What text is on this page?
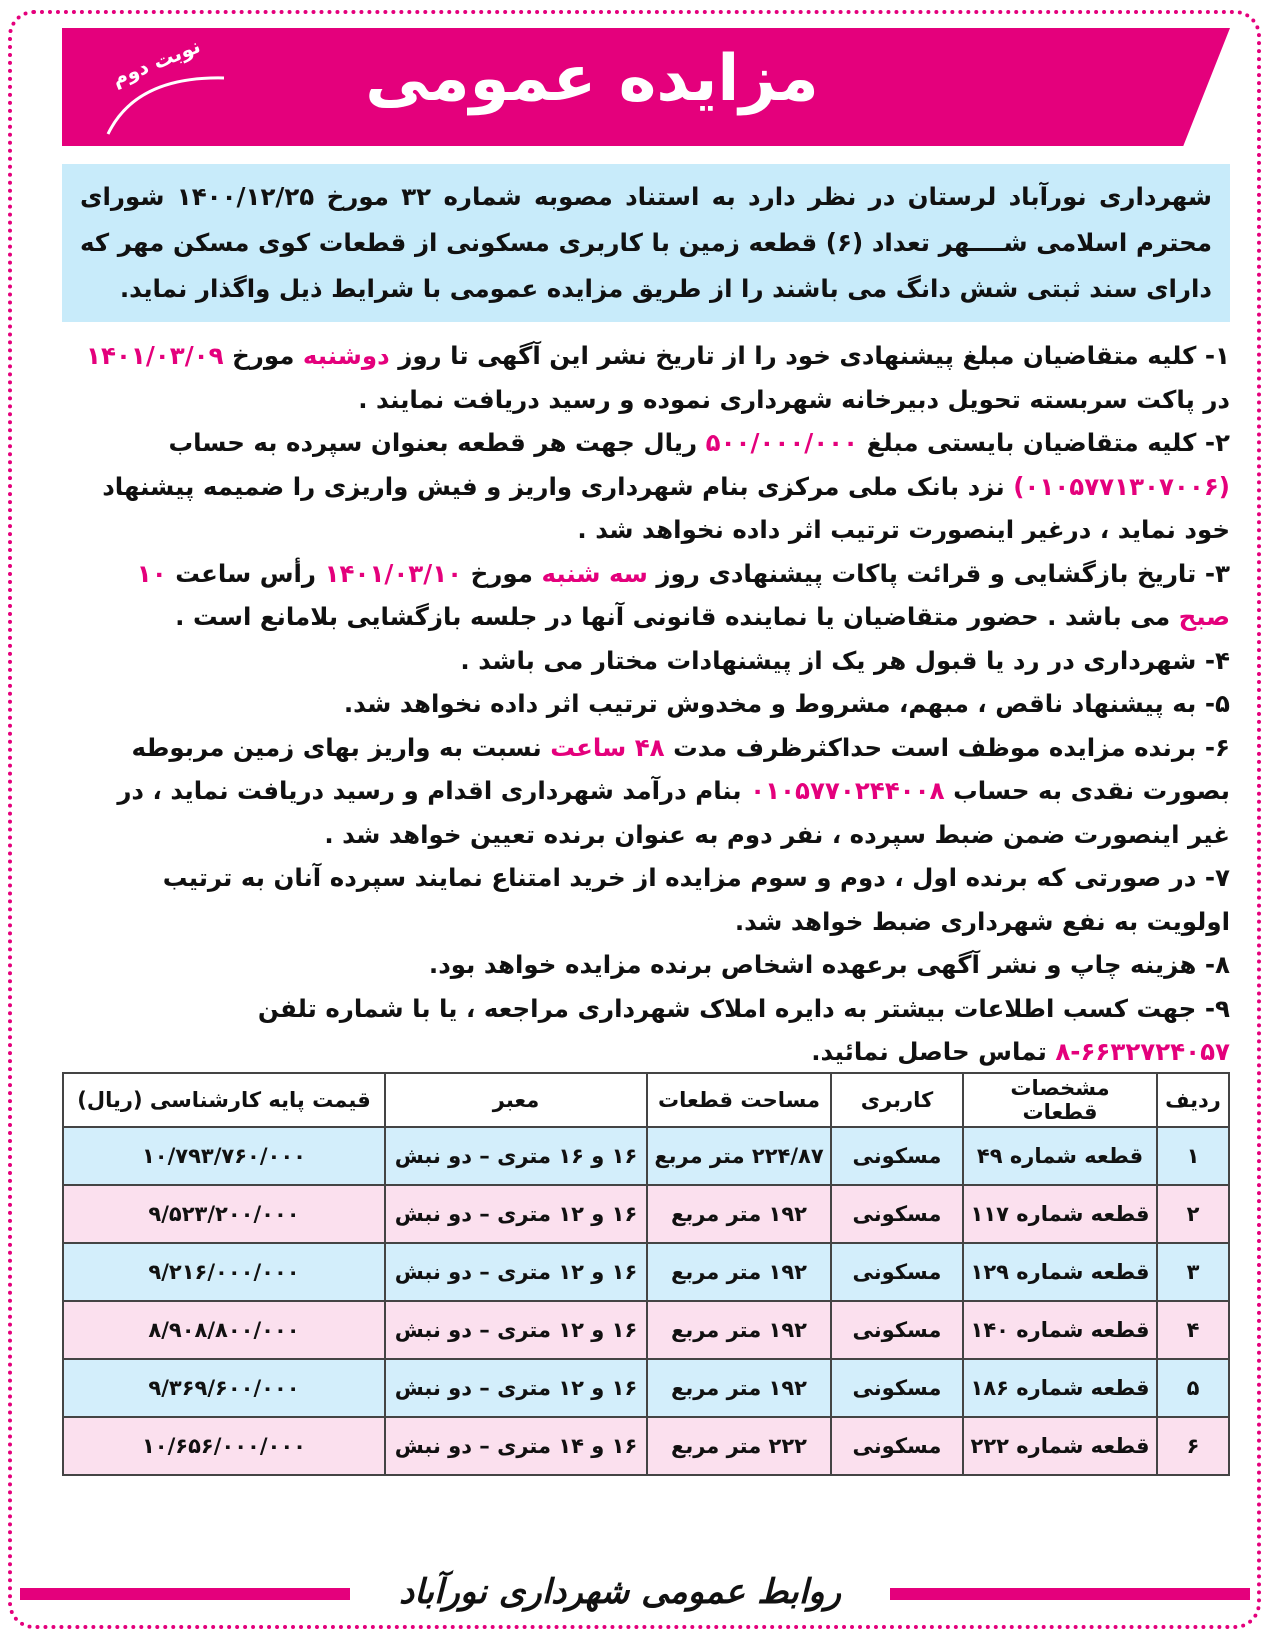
مزایده عمومی
نوبت دوم
شهرداری نورآباد لرستان در نظر دارد به استناد مصوبه شماره ۳۲ مورخ ۱۴۰۰/۱۲/۲۵ شورای محترم اسلامی شــــهر تعداد (۶) قطعه زمین با کاربری مسکونی از قطعات کوی مسکن مهر که دارای سند ثبتی شش دانگ می باشند را از طریق مزایده عمومی با شرایط ذیل واگذار نماید.

۱- کلیه متقاضیان مبلغ پیشنهادی خود را از تاریخ نشر این آگهی تا روز دوشنبه مورخ ۱۴۰۱/۰۳/۰۹ در پاکت سربسته تحویل دبیرخانه شهرداری نموده و رسید دریافت نمایند .

۲- کلیه متقاضیان بایستی مبلغ ۵۰۰/۰۰۰/۰۰۰ ریال جهت هر قطعه بعنوان سپرده به حساب (۰۱۰۵۷۷۱۳۰۷۰۰۶) نزد بانک ملی مرکزی بنام شهرداری واریز و فیش واریزی را ضمیمه پیشنهاد خود نماید ، درغیر اینصورت ترتیب اثر داده نخواهد شد .

۳- تاریخ بازگشایی و قرائت پاکات پیشنهادی روز سه شنبه مورخ ۱۴۰۱/۰۳/۱۰ رأس ساعت ۱۰ صبح می باشد . حضور متقاضیان یا نماینده قانونی آنها در جلسه بازگشایی بلامانع است .

۴- شهرداری در رد یا قبول هر یک از پیشنهادات مختار می باشد .

۵- به پیشنهاد ناقص ، مبهم، مشروط و مخدوش ترتیب اثر داده نخواهد شد.

۶- برنده مزایده موظف است حداکثرظرف مدت ۴۸ ساعت نسبت به واریز بهای زمین مربوطه بصورت نقدی به حساب ۰۱۰۵۷۷۰۲۴۴۰۰۸ بنام درآمد شهرداری اقدام و رسید دریافت نماید ، در غیر اینصورت ضمن ضبط سپرده ، نفر دوم به عنوان برنده تعیین خواهد شد .

۷- در صورتی که برنده اول ، دوم و سوم مزایده از خرید امتناع نمایند سپرده آنان به ترتیب اولویت به نفع شهرداری ضبط خواهد شد.

۸- هزینه چاپ و نشر آگهی برعهده اشخاص برنده مزایده خواهد بود.

۹- جهت کسب اطلاعات بیشتر به دایره املاک شهرداری مراجعه ، یا با شماره تلفن ۶۶۳۲۷۲۴۰۵۷-۸ تماس حاصل نمائید.

ردیف	مشخصات قطعات	کاربری	مساحت قطعات	معبر	قیمت پایه کارشناسی (ریال)
۱	قطعه شماره ۴۹	مسکونی	۲۲۴/۸۷ متر مربع	۱۶ و ۱۶ متری – دو نبش	۱۰/۷۹۳/۷۶۰/۰۰۰
۲	قطعه شماره ۱۱۷	مسکونی	۱۹۲ متر مربع	۱۶ و ۱۲ متری – دو نبش	۹/۵۲۳/۲۰۰/۰۰۰
۳	قطعه شماره ۱۲۹	مسکونی	۱۹۲ متر مربع	۱۶ و ۱۲ متری – دو نبش	۹/۲۱۶/۰۰۰/۰۰۰
۴	قطعه شماره ۱۴۰	مسکونی	۱۹۲ متر مربع	۱۶ و ۱۲ متری – دو نبش	۸/۹۰۸/۸۰۰/۰۰۰
۵	قطعه شماره ۱۸۶	مسکونی	۱۹۲ متر مربع	۱۶ و ۱۲ متری – دو نبش	۹/۳۶۹/۶۰۰/۰۰۰
۶	قطعه شماره ۲۲۲	مسکونی	۲۲۲ متر مربع	۱۶ و ۱۴ متری – دو نبش	۱۰/۶۵۶/۰۰۰/۰۰۰
روابط عمومی شهرداری نورآباد
